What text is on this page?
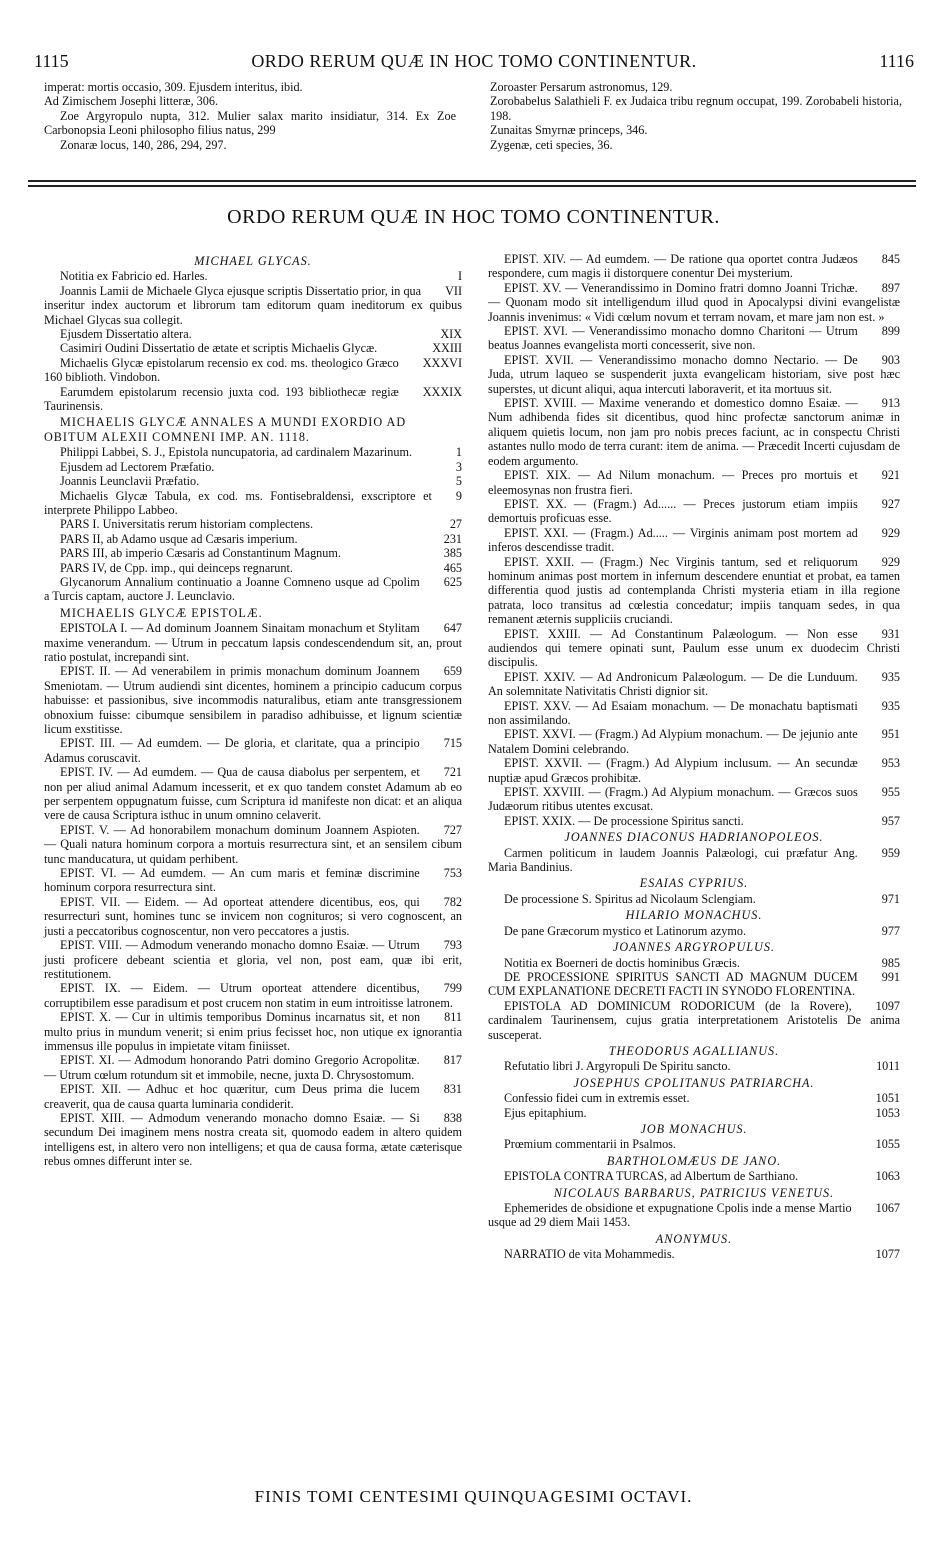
1115	ORDO RERUM QUÆ IN HOC TOMO CONTINENTUR.	1116

imperat: mortis occasio, 309. Ejusdem interitus, ibid.

Ad Zimischem Josephi litteræ, 306.

Zoe Argyropulo nupta, 312. Mulier salax marito insidiatur, 314. Ex Zoe Carbonopsia Leoni philosopho filius natus, 299

Zonaræ locus, 140, 286, 294, 297.

Zoroaster Persarum astronomus, 129.

Zorobabelus Salathieli F. ex Judaica tribu regnum occupat, 199. Zorobabeli historia, 198.

Zunaitas Smyrnæ princeps, 346.

Zygenæ, ceti species, 36.

ORDO RERUM QUÆ IN HOC TOMO CONTINENTUR.

MICHAEL GLYCAS.

I
Notitia ex Fabricio ed. Harles.

VII
Joannis Lamii de Michaele Glyca ejusque scriptis Dissertatio prior, in qua inseritur index auctorum et librorum tam editorum quam ineditorum ex quibus Michael Glycas sua collegit.

XIX
Ejusdem Dissertatio altera.

XXIII
Casimiri Oudini Dissertatio de ætate et scriptis Michaelis Glycæ.

XXXVI
Michaelis Glycæ epistolarum recensio ex cod. ms. theologico Græco 160 biblioth. Vindobon.

XXXIX
Earumdem epistolarum recensio juxta cod. 193 bibliothecæ regiæ Taurinensis.

MICHAELIS GLYCÆ ANNALES A MUNDI EXORDIO AD OBITUM ALEXII COMNENI IMP. AN. 1118.

1
Philippi Labbei, S. J., Epistola nuncupatoria, ad cardinalem Mazarinum.

3
Ejusdem ad Lectorem Præfatio.

5
Joannis Leunclavii Præfatio.

9
Michaelis Glycæ Tabula, ex cod. ms. Fontisebraldensi, exscriptore et interprete Philippo Labbeo.

27
PARS I. Universitatis rerum historiam complectens.

231
PARS II, ab Adamo usque ad Cæsaris imperium.

385
PARS III, ab imperio Cæsaris ad Constantinum Magnum.

465
PARS IV, de Cpp. imp., qui deinceps regnarunt.

625
Glycanorum Annalium continuatio a Joanne Comneno usque ad Cpolim a Turcis captam, auctore J. Leunclavio.

MICHAELIS GLYCÆ EPISTOLÆ.

647
EPISTOLA I. — Ad dominum Joannem Sinaitam monachum et Stylitam maxime venerandum. — Utrum in peccatum lapsis condescendendum sit, an, prout ratio postulat, increpandi sint.

659
EPIST. II. — Ad venerabilem in primis monachum dominum Joannem Smeniotam. — Utrum audiendi sint dicentes, hominem a principio caducum corpus habuisse: et passionibus, sive incommodis naturalibus, etiam ante transgressionem obnoxium fuisse: cibumque sensibilem in paradiso adhibuisse, et lignum scientiæ licum exstitisse.

715
EPIST. III. — Ad eumdem. — De gloria, et claritate, qua a principio Adamus coruscavit.

721
EPIST. IV. — Ad eumdem. — Qua de causa diabolus per serpentem, et non per aliud animal Adamum incesserit, et ex quo tandem constet Adamum ab eo per serpentem oppugnatum fuisse, cum Scriptura id manifeste non dicat: et an aliqua vere de causa Scriptura isthuc in unum omnino celaverit.

727
EPIST. V. — Ad honorabilem monachum dominum Joannem Aspioten. — Quali natura hominum corpora a mortuis resurrectura sint, et an sensilem cibum tunc manducatura, ut quidam perhibent.

753
EPIST. VI. — Ad eumdem. — An cum maris et feminæ discrimine hominum corpora resurrectura sint.

782
EPIST. VII. — Eidem. — Ad oporteat attendere dicentibus, eos, qui resurrecturi sunt, homines tunc se invicem non cognituros; si vero cognoscent, an justi a peccatoribus cognoscentur, non vero peccatores a justis.

793
EPIST. VIII. — Admodum venerando monacho domno Esaiæ. — Utrum justi proficere debeant scientia et gloria, vel non, post eam, quæ ibi erit, restitutionem.

799
EPIST. IX. — Eidem. — Utrum oporteat attendere dicentibus, corruptibilem esse paradisum et post crucem non statim in eum introitisse latronem.

811
EPIST. X. — Cur in ultimis temporibus Dominus incarnatus sit, et non multo prius in mundum venerit; si enim prius fecisset hoc, non utique ex ignorantia immensus ille populus in impietate vitam finiisset.

817
EPIST. XI. — Admodum honorando Patri domino Gregorio Acropolitæ. — Utrum cœlum rotundum sit et immobile, necne, juxta D. Chrysostomum.

831
EPIST. XII. — Adhuc et hoc quæritur, cum Deus prima die lucem creaverit, qua de causa quarta luminaria condiderit.

838
EPIST. XIII. — Admodum venerando monacho domno Esaiæ. — Si secundum Dei imaginem mens nostra creata sit, quomodo eadem in altero quidem intelligens est, in altero vero non intelligens; et qua de causa forma, ætate cæterisque rebus omnes differunt inter se.

845
EPIST. XIV. — Ad eumdem. — De ratione qua oportet contra Judæos respondere, cum magis ii distorquere conentur Dei mysterium.

897
EPIST. XV. — Venerandissimo in Domino fratri domno Joanni Trichæ. — Quonam modo sit intelligendum illud quod in Apocalypsi divini evangelistæ Joannis invenimus: « Vidi cœlum novum et terram novam, et mare jam non est. »

899
EPIST. XVI. — Venerandissimo monacho domno Charitoni — Utrum beatus Joannes evangelista morti concesserit, sive non.

903
EPIST. XVII. — Venerandissimo monacho domno Nectario. — De Juda, utrum laqueo se suspenderit juxta evangelicam historiam, sive post hæc superstes, ut dicunt aliqui, aqua intercuti laboraverit, et ita mortuus sit.

913
EPIST. XVIII. — Maxime venerando et domestico domno Esaiæ. — Num adhibenda fides sit dicentibus, quod hinc profectæ sanctorum animæ in aliquem quietis locum, non jam pro nobis preces faciunt, ac in conspectu Christi astantes nullo modo de terra curant: item de anima. — Præcedit Incerti cujusdam de eodem argumento.

921
EPIST. XIX. — Ad Nilum monachum. — Preces pro mortuis et eleemosynas non frustra fieri.

927
EPIST. XX. — (Fragm.) Ad...... — Preces justorum etiam impiis demortuis proficuas esse.

929
EPIST. XXI. — (Fragm.) Ad..... — Virginis animam post mortem ad inferos descendisse tradit.

929
EPIST. XXII. — (Fragm.) Nec Virginis tantum, sed et reliquorum hominum animas post mortem in infernum descendere enuntiat et probat, ea tamen differentia quod justis ad contemplanda Christi mysteria etiam in illa regione patrata, loco transitus ad cœlestia concedatur; impiis tanquam sedes, in qua remanent æternis suppliciis cruciandi.

931
EPIST. XXIII. — Ad Constantinum Palæologum. — Non esse audiendos qui temere opinati sunt, Paulum esse unum ex duodecim Christi discipulis.

935
EPIST. XXIV. — Ad Andronicum Palæologum. — De die Lunduum. An solemnitate Nativitatis Christi dignior sit.

935
EPIST. XXV. — Ad Esaiam monachum. — De monachatu baptismati non assimilando.

951
EPIST. XXVI. — (Fragm.) Ad Alypium monachum. — De jejunio ante Natalem Domini celebrando.

953
EPIST. XXVII. — (Fragm.) Ad Alypium inclusum. — An secundæ nuptiæ apud Græcos prohibitæ.

955
EPIST. XXVIII. — (Fragm.) Ad Alypium monachum. — Græcos suos Judæorum ritibus utentes excusat.

957
EPIST. XXIX. — De processione Spiritus sancti.

JOANNES DIACONUS HADRIANOPOLEOS.

959
Carmen politicum in laudem Joannis Palæologi, cui præfatur Ang. Maria Bandinius.

ESAIAS CYPRIUS.

971
De processione S. Spiritus ad Nicolaum Sclengiam.

HILARIO MONACHUS.

977
De pane Græcorum mystico et Latinorum azymo.

JOANNES ARGYROPULUS.

985
Notitia ex Boerneri de doctis hominibus Græcis.

991
DE PROCESSIONE SPIRITUS SANCTI AD MAGNUM DUCEM CUM EXPLANATIONE DECRETI FACTI IN SYNODO FLORENTINA.

1097
EPISTOLA AD DOMINICUM RODORICUM (de la Rovere), cardinalem Taurinensem, cujus gratia interpretationem Aristotelis De anima susceperat.

THEODORUS AGALLIANUS.

1011
Refutatio libri J. Argyropuli De Spiritu sancto.

JOSEPHUS CPOLITANUS PATRIARCHA.

1051
Confessio fidei cum in extremis esset.

1053
Ejus epitaphium.

JOB MONACHUS.

1055
Prœmium commentarii in Psalmos.

BARTHOLOMÆUS DE JANO.

1063
EPISTOLA CONTRA TURCAS, ad Albertum de Sarthiano.

NICOLAUS BARBARUS, PATRICIUS VENETUS.

1067
Ephemerides de obsidione et expugnatione Cpolis inde a mense Martio usque ad 29 diem Maii 1453.

ANONYMUS.

1077
NARRATIO de vita Mohammedis.

FINIS TOMI CENTESIMI QUINQUAGESIMI OCTAVI.
